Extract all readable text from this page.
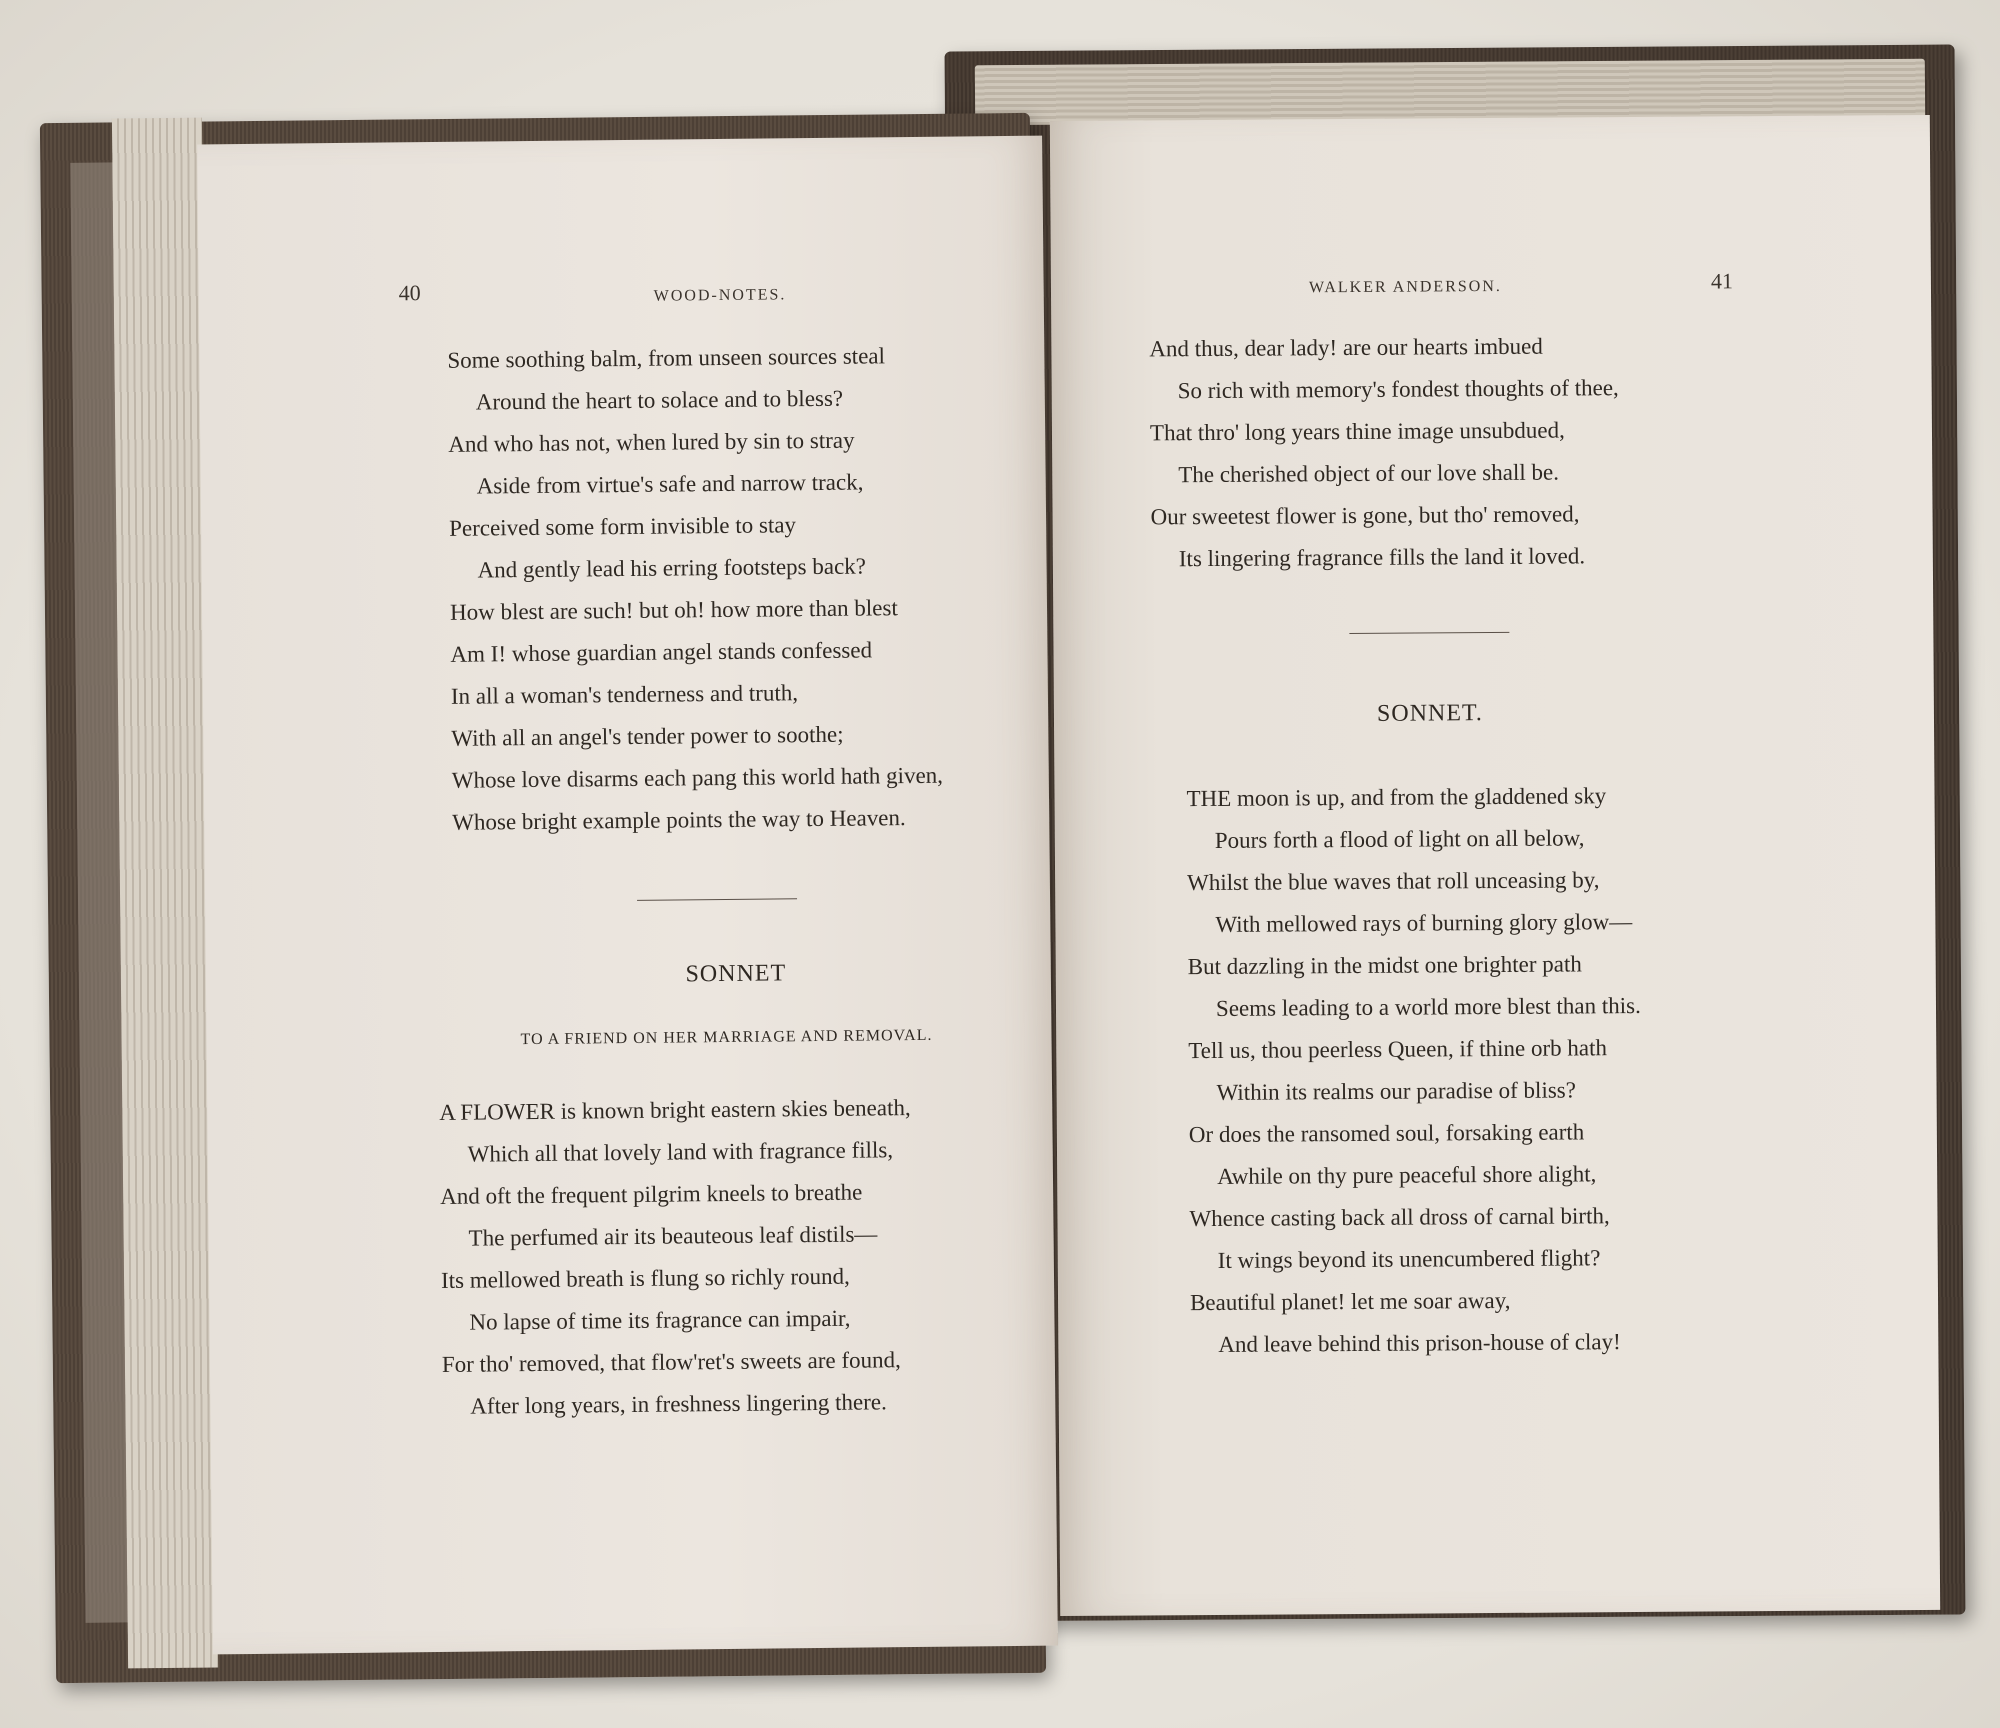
40	WOOD-NOTES.
Some soothing balm, from unseen sources steal
Around the heart to solace and to bless?
And who has not, when lured by sin to stray
Aside from virtue's safe and narrow track,
Perceived some form invisible to stay
And gently lead his erring footsteps back?
How blest are such! but oh! how more than blest
Am I! whose guardian angel stands confessed
In all a woman's tenderness and truth,
With all an angel's tender power to soothe;
Whose love disarms each pang this world hath given,
Whose bright example points the way to Heaven.
SONNET
TO A FRIEND ON HER MARRIAGE AND REMOVAL.
A FLOWER is known bright eastern skies beneath,
Which all that lovely land with fragrance fills,
And oft the frequent pilgrim kneels to breathe
The perfumed air its beauteous leaf distils—
Its mellowed breath is flung so richly round,
No lapse of time its fragrance can impair,
For tho' removed, that flow'ret's sweets are found,
After long years, in freshness lingering there.
WALKER ANDERSON.	41
And thus, dear lady! are our hearts imbued
So rich with memory's fondest thoughts of thee,
That thro' long years thine image unsubdued,
The cherished object of our love shall be.
Our sweetest flower is gone, but tho' removed,
Its lingering fragrance fills the land it loved.
SONNET.
THE moon is up, and from the gladdened sky
Pours forth a flood of light on all below,
Whilst the blue waves that roll unceasing by,
With mellowed rays of burning glory glow—
But dazzling in the midst one brighter path
Seems leading to a world more blest than this.
Tell us, thou peerless Queen, if thine orb hath
Within its realms our paradise of bliss?
Or does the ransomed soul, forsaking earth
Awhile on thy pure peaceful shore alight,
Whence casting back all dross of carnal birth,
It wings beyond its unencumbered flight?
Beautiful planet! let me soar away,
And leave behind this prison-house of clay!
